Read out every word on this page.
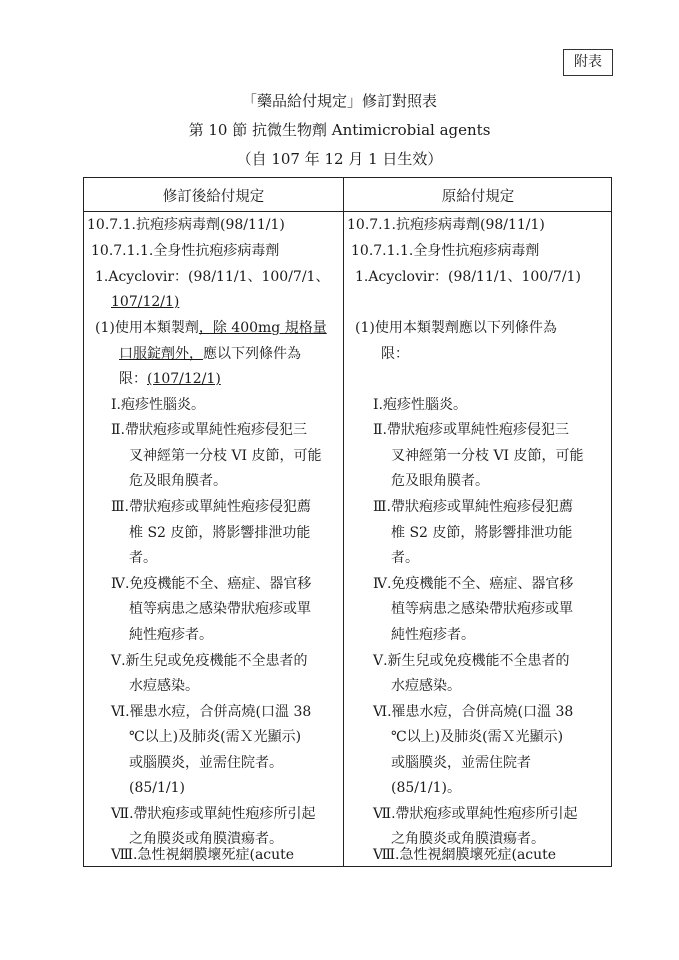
附表
「藥品給付規定」修訂對照表
第 10 節 抗微生物劑 Antimicrobial agents
（自 107 年 12 月 1 日生效）
修訂後給付規定	原給付規定
10.7.1.抗疱疹病毒劑(98/11/1)
10.7.1.1.全身性抗疱疹病毒劑
1.Acyclovir：(98/11/1、100/7/1、
107/12/1)
(1)使用本類製劑，除 400mg 規格量
口服錠劑外，應以下列條件為
限：(107/12/1)
Ⅰ.疱疹性腦炎。
Ⅱ.帶狀疱疹或單純性疱疹侵犯三
叉神經第一分枝 VI 皮節，可能
危及眼角膜者。
Ⅲ.帶狀疱疹或單純性疱疹侵犯薦
椎 S2 皮節，將影響排泄功能
者。
Ⅳ.免疫機能不全、癌症、器官移
植等病患之感染帶狀疱疹或單
純性疱疹者。
Ⅴ.新生兒或免疫機能不全患者的
水痘感染。
Ⅵ.罹患水痘，合併高燒(口溫 38
℃以上)及肺炎(需Ｘ光顯示)
或腦膜炎，並需住院者。
(85/1/1)
Ⅶ.帶狀疱疹或單純性疱疹所引起
之角膜炎或角膜潰瘍者。
Ⅷ.急性視網膜壞死症(acute
10.7.1.抗疱疹病毒劑(98/11/1)
10.7.1.1.全身性抗疱疹病毒劑
1.Acyclovir：(98/11/1、100/7/1)
(1)使用本類製劑應以下列條件為
限：
Ⅰ.疱疹性腦炎。
Ⅱ.帶狀疱疹或單純性疱疹侵犯三
叉神經第一分枝 VI 皮節，可能
危及眼角膜者。
Ⅲ.帶狀疱疹或單純性疱疹侵犯薦
椎 S2 皮節，將影響排泄功能
者。
Ⅳ.免疫機能不全、癌症、器官移
植等病患之感染帶狀疱疹或單
純性疱疹者。
Ⅴ.新生兒或免疫機能不全患者的
水痘感染。
Ⅵ.罹患水痘，合併高燒(口溫 38
℃以上)及肺炎(需Ｘ光顯示)
或腦膜炎，並需住院者
(85/1/1)。
Ⅶ.帶狀疱疹或單純性疱疹所引起
之角膜炎或角膜潰瘍者。
Ⅷ.急性視網膜壞死症(acute
